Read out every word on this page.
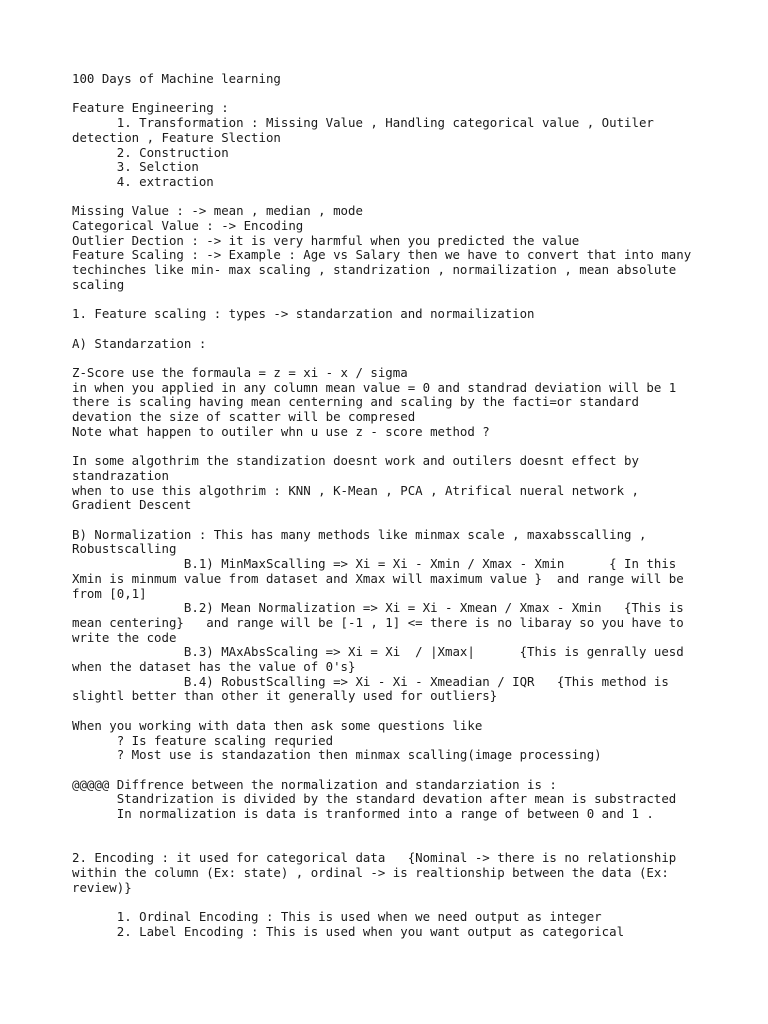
100 Days of Machine learning
Feature Engineering :
1. Transformation : Missing Value , Handling categorical value , Outiler
detection , Feature Slection
2. Construction
3. Selction
4. extraction
Missing Value : -> mean , median , mode
Categorical Value : -> Encoding
Outlier Dection : -> it is very harmful when you predicted the value
Feature Scaling : -> Example : Age vs Salary then we have to convert that into many
techinches like min- max scaling , standrization , normailization , mean absolute
scaling
1. Feature scaling : types -> standarzation and normailization
A) Standarzation :
Z-Score use the formaula = z = xi - x / sigma
in when you applied in any column mean value = 0 and standrad deviation will be 1
there is scaling having mean centerning and scaling by the facti=or standard
devation the size of scatter will be compresed
Note what happen to outiler whn u use z - score method ?
In some algothrim the standization doesnt work and outilers doesnt effect by
standrazation
when to use this algothrim : KNN , K-Mean , PCA , Atrifical nueral network ,
Gradient Descent
B) Normalization : This has many methods like minmax scale , maxabsscalling ,
Robustscalling
B.1) MinMaxScalling => Xi = Xi - Xmin / Xmax - Xmin      { In this
Xmin is minmum value from dataset and Xmax will maximum value }  and range will be
from [0,1]
B.2) Mean Normalization => Xi = Xi - Xmean / Xmax - Xmin   {This is
mean centering}   and range will be [-1 , 1] <= there is no libaray so you have to
write the code
B.3) MAxAbsScaling => Xi = Xi  / |Xmax|      {This is genrally uesd
when the dataset has the value of 0's}
B.4) RobustScalling => Xi - Xi - Xmeadian / IQR   {This method is
slightl better than other it generally used for outliers}
When you working with data then ask some questions like
? Is feature scaling requried
? Most use is standazation then minmax scalling(image processing)
@@@@@ Diffrence between the normalization and standarziation is :
Standrization is divided by the standard devation after mean is substracted
In normalization is data is tranformed into a range of between 0 and 1 .
2. Encoding : it used for categorical data   {Nominal -> there is no relationship
within the column (Ex: state) , ordinal -> is realtionship between the data (Ex:
review)}
1. Ordinal Encoding : This is used when we need output as integer
2. Label Encoding : This is used when you want output as categorical
